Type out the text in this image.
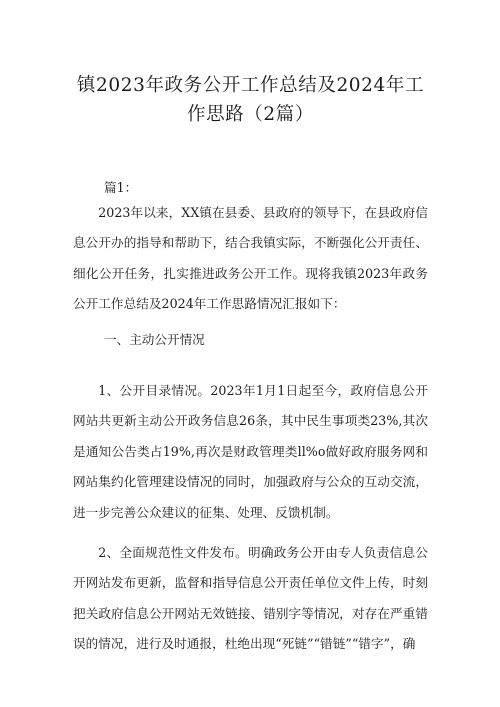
镇2023年政务公开工作总结及2024年工作思路（2篇）

篇1：

2023年以来，XX镇在县委、县政府的领导下，在县政府信息公开办的指导和帮助下，结合我镇实际，不断强化公开责任、细化公开任务，扎实推进政务公开工作。现将我镇2023年政务公开工作总结及2024年工作思路情况汇报如下：

一、主动公开情况

1、公开目录情况。2023年1月1日起至今，政府信息公开网站共更新主动公开政务信息26条，其中民生事项类23%,其次是通知公告类占19%,再次是财政管理类ll%o做好政府服务网和网站集约化管理建设情况的同时，加强政府与公众的互动交流，进一步完善公众建议的征集、处理、反馈机制。

2、全面规范性文件发布。明确政务公开由专人负责信息公开网站发布更新，监督和指导信息公开责任单位文件上传，时刻把关政府信息公开网站无效链接、错别字等情况，对存在严重错误的情况，进行及时通报，杜绝出现“死链”“错链”“错字”，确
